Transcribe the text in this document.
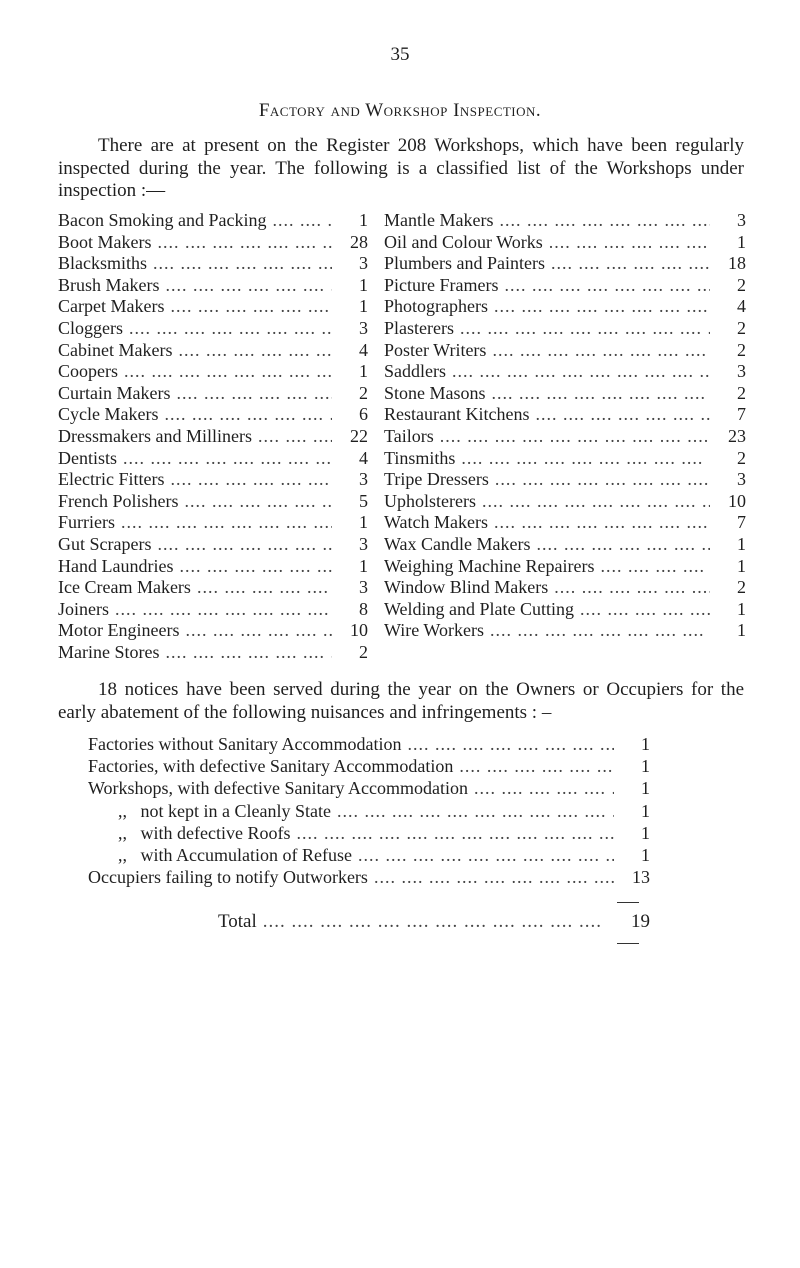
35
Factory and Workshop Inspection.
There are at present on the Register 208 Workshops, which have been regularly inspected during the year. The following is a classified list of the Workshops under inspection :—
Bacon Smoking and Packing ....	1
Boot Makers ....	28
Blacksmiths ....	3
Brush Makers ....	1
Carpet Makers ....	1
Cloggers ....	3
Cabinet Makers ....	4
Coopers ....	1
Curtain Makers ....	2
Cycle Makers ....	6
Dressmakers and Milliners ....	22
Dentists ....	4
Electric Fitters ....	3
French Polishers ....	5
Furriers ....	1
Gut Scrapers ....	3
Hand Laundries ....	1
Ice Cream Makers ....	3
Joiners ....	8
Motor Engineers ....	10
Marine Stores ....	2
Mantle Makers ....	3
Oil and Colour Works ....	1
Plumbers and Painters ....	18
Picture Framers ....	2
Photographers ....	4
Plasterers ....	2
Poster Writers ....	2
Saddlers ....	3
Stone Masons ....	2
Restaurant Kitchens ....	7
Tailors ....	23
Tinsmiths ....	2
Tripe Dressers ....	3
Upholsterers ....	10
Watch Makers ....	7
Wax Candle Makers ....	1
Weighing Machine Repairers ....	1
Window Blind Makers ....	2
Welding and Plate Cutting ....	1
Wire Workers ....	1
18 notices have been served during the year on the Owners or Occupiers for the early abatement of the following nuisances and infringements : –
Factories without Sanitary Accommodation ....	1
Factories, with defective Sanitary Accommodation ....	1
Workshops, with defective Sanitary Accommodation ....	1
,,   not kept in a Cleanly State ....	1
,,   with defective Roofs ....	1
,,   with Accumulation of Refuse ....	1
Occupiers failing to notify Outworkers ....	13
Total ....	19
